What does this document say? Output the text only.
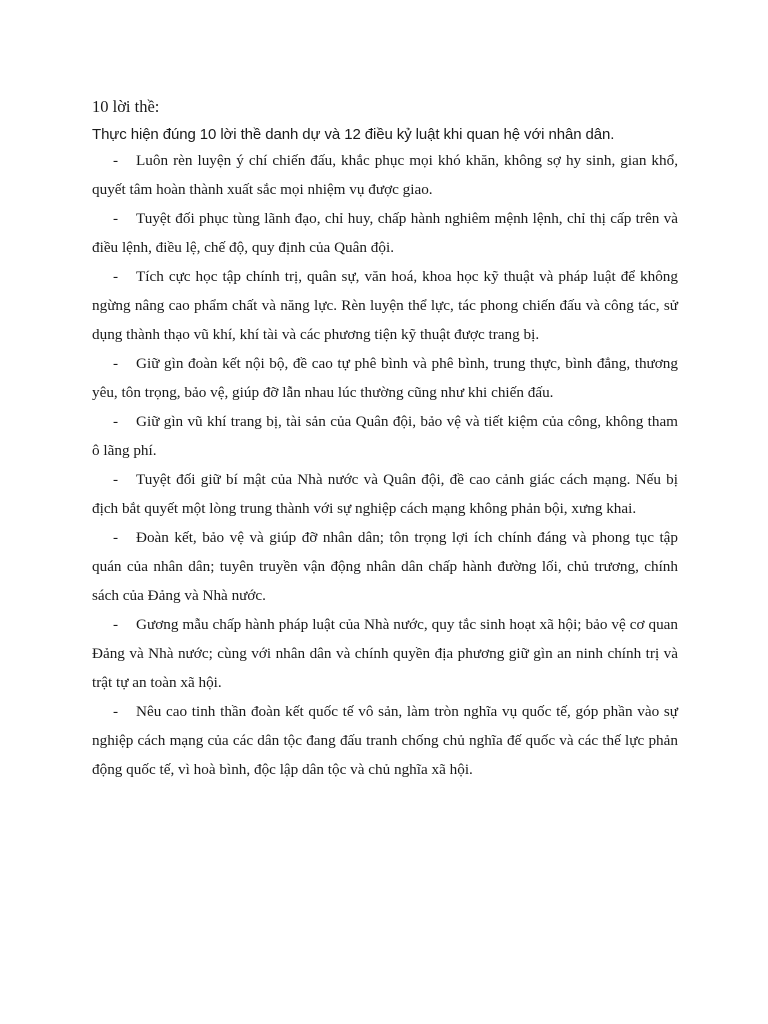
10 lời thề:
Thực hiện đúng 10 lời thề danh dự và 12 điều kỷ luật khi quan hệ với nhân dân.
- Luôn rèn luyện ý chí chiến đấu, khắc phục mọi khó khăn, không sợ hy sinh, gian khổ, quyết tâm hoàn thành xuất sắc mọi nhiệm vụ được giao.
- Tuyệt đối phục tùng lãnh đạo, chỉ huy, chấp hành nghiêm mệnh lệnh, chỉ thị cấp trên và điều lệnh, điều lệ, chế độ, quy định của Quân đội.
- Tích cực học tập chính trị, quân sự, văn hoá, khoa học kỹ thuật và pháp luật để không ngừng nâng cao phẩm chất và năng lực. Rèn luyện thể lực, tác phong chiến đấu và công tác, sử dụng thành thạo vũ khí, khí tài và các phương tiện kỹ thuật được trang bị.
- Giữ gìn đoàn kết nội bộ, đề cao tự phê bình và phê bình, trung thực, bình đẳng, thương yêu, tôn trọng, bảo vệ, giúp đỡ lẫn nhau lúc thường cũng như khi chiến đấu.
- Giữ gìn vũ khí trang bị, tài sản của Quân đội, bảo vệ và tiết kiệm của công, không tham ô lãng phí.
- Tuyệt đối giữ bí mật của Nhà nước và Quân đội, đề cao cảnh giác cách mạng. Nếu bị địch bắt quyết một lòng trung thành với sự nghiệp cách mạng không phản bội, xưng khai.
- Đoàn kết, bảo vệ và giúp đỡ nhân dân; tôn trọng lợi ích chính đáng và phong tục tập quán của nhân dân; tuyên truyền vận động nhân dân chấp hành đường lối, chủ trương, chính sách của Đảng và Nhà nước.
- Gương mẫu chấp hành pháp luật của Nhà nước, quy tắc sinh hoạt xã hội; bảo vệ cơ quan Đảng và Nhà nước; cùng với nhân dân và chính quyền địa phương giữ gìn an ninh chính trị và trật tự an toàn xã hội.
- Nêu cao tinh thần đoàn kết quốc tế vô sản, làm tròn nghĩa vụ quốc tế, góp phần vào sự nghiệp cách mạng của các dân tộc đang đấu tranh chống chủ nghĩa đế quốc và các thế lực phản động quốc tế, vì hoà bình, độc lập dân tộc và chủ nghĩa xã hội.
